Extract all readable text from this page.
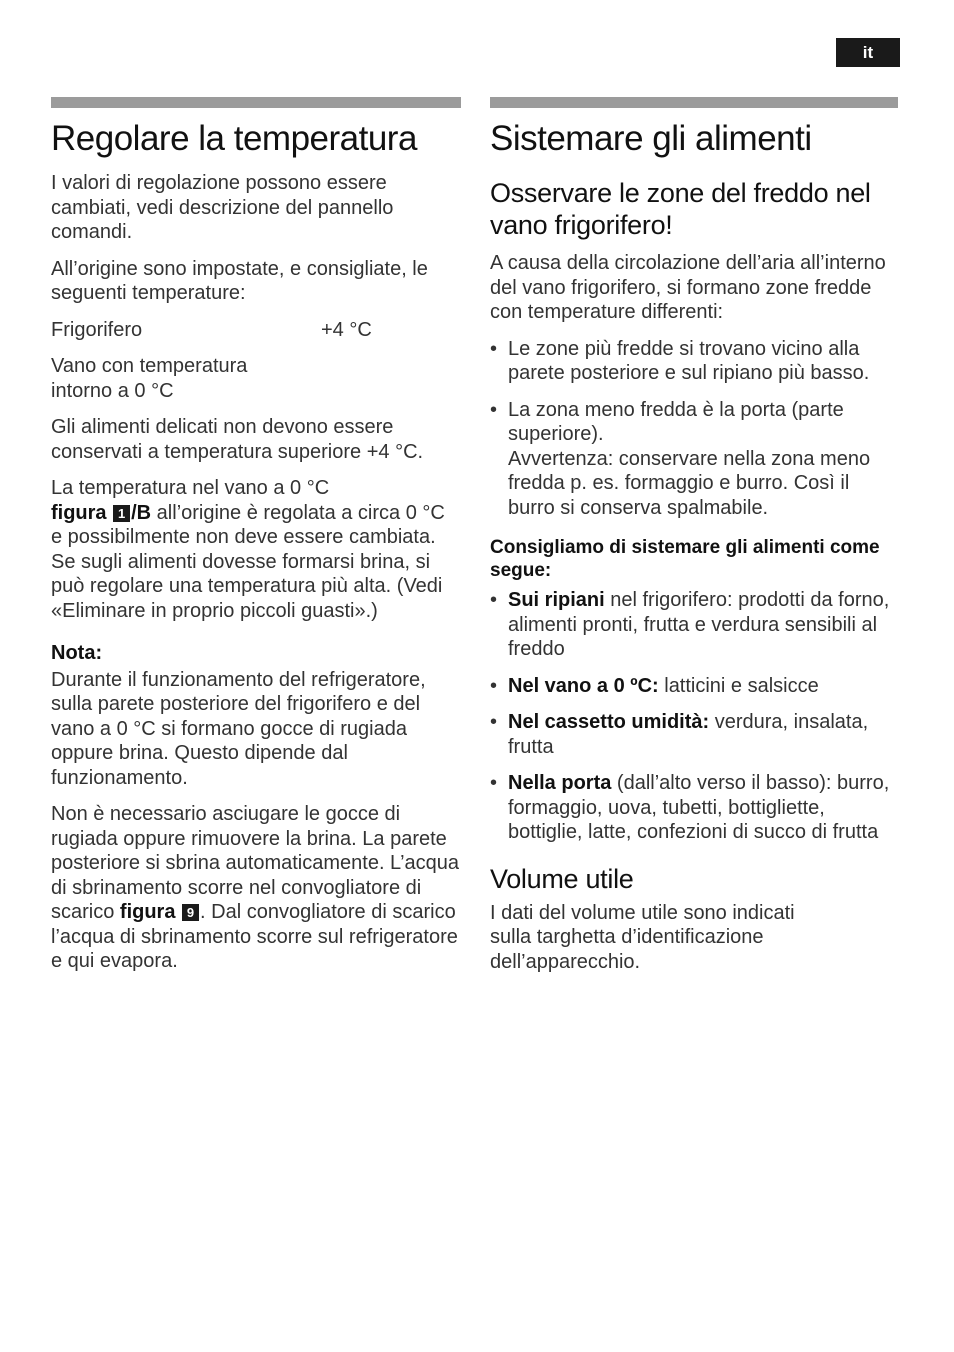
it
Regolare la temperatura

I valori di regolazione possono essere cambiati, vedi descrizione del pannello comandi.

All’origine sono impostate, e consigliate, le seguenti temperature:

Frigorifero	+4 °C

Vano con temperatura intorno a 0 °C

Gli alimenti delicati non devono essere conservati a temperatura superiore +4 °C.

La temperatura nel vano a 0 °C
figura 1 /B all’origine è regolata a circa 0 °C e possibilmente non deve essere cambiata. Se sugli alimenti dovesse formarsi brina, si può regolare una temperatura più alta. (Vedi «Eliminare in proprio piccoli guasti».)

Nota:

Durante il funzionamento del refrigeratore, sulla parete posteriore del frigorifero e del vano a 0 °C si formano gocce di rugiada oppure brina. Questo dipende dal funzionamento.

Non è necessario asciugare le gocce di rugiada oppure rimuovere la brina. La parete posteriore si sbrina automaticamente. L’acqua di sbrinamento scorre nel convogliatore di scarico figura 9 . Dal convogliatore di scarico l’acqua di sbrinamento scorre sul refrigeratore e qui evapora.

Sistemare gli alimenti
Osservare le zone del freddo nel vano frigorifero!

A causa della circolazione dell’aria all’interno del vano frigorifero, si formano zone fredde con temperature differenti:

• Le zone più fredde si trovano vicino alla parete posteriore e sul ripiano più basso.
• La zona meno fredda è la porta (parte superiore).
Avvertenza: conservare nella zona meno fredda p. es. formaggio e burro. Così il burro si conserva spalmabile.

Consigliamo di sistemare gli alimenti come segue:

• Sui ripiani nel frigorifero: prodotti da forno, alimenti pronti, frutta e verdura sensibili al freddo
• Nel vano a 0 ºC: latticini e salsicce
• Nel cassetto umidità: verdura, insalata, frutta
• Nella porta (dall’alto verso il basso): burro, formaggio, uova, tubetti, bottigliette, bottiglie, latte, confezioni di succo di frutta
Volume utile

I dati del volume utile sono indicati sulla targhetta d’identificazione dell’apparecchio.
